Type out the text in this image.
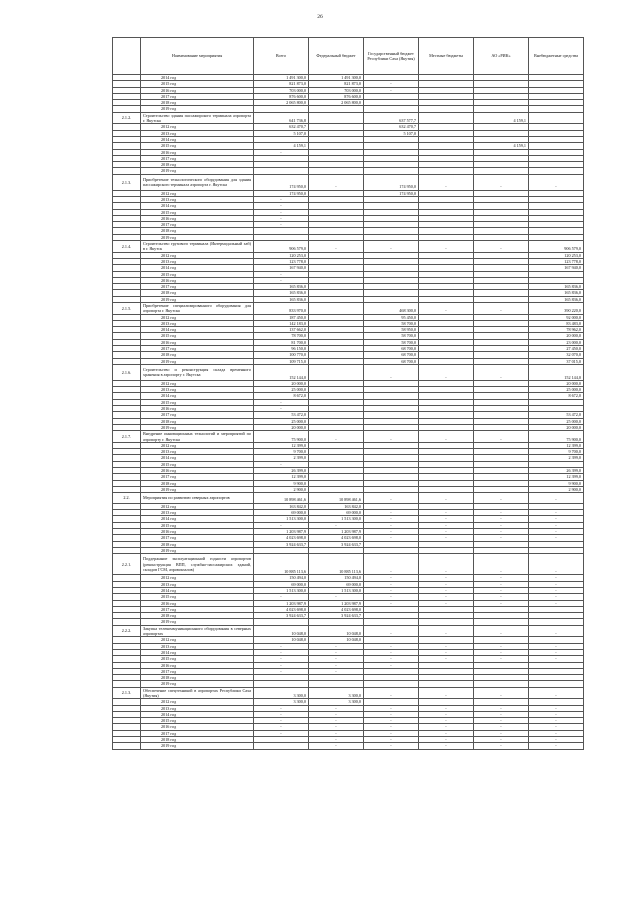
26
	Наименование мероприятия	Всего	Федеральный бюджет	Государственный бюджет Республики Саха (Якутия)	Местные бюджеты	АО «РИК»	Внебюджетные средства
	2014 год	1 491 300,0	1 491 300,0				
	2015 год	821 873,0	821 873,0	-			
	2016 год	703 000,0	703 000,0	-			
	2017 год	876 600,0	876 600,0				
	2018 год	2 065 800,0	2 065 800,0				
	2019 год						
2.1.2.	Строительство здания пассажирского терминала аэропорта г. Якутска	641 736,8		637 577,7		4 159,1	
	2012 год	632 470,7		632 470,7			
	2013 год	5 107,0		5 107,0			
	2014 год						
	2015 год	4 159,1				4 159,1	
	2016 год	-					
	2017 год						
	2018 год						
	2019 год						
2.1.3.	Приобретение технологического оборудования для здания пассажирского терминала аэропорта г. Якутска	174 950,0	-	174 950,0	-	-	-
	2012 год	174 950,0		174 950,0			
	2013 год	-					
	2014 год	-					
	2015 год	-					
	2016 год	-					
	2017 год	-					
	2018 год						
	2019 год						
2.1.4.	Строительство грузового терминала (Интермодальный хаб) в г. Якутск	906 579,0	-	-	-	-	906 579,0
	2012 год	120 253,0					120 253,0
	2013 год	123 778,0					123 778,0
	2014 год	167 940,0					167 940,0
	2015 год	-					
	2016 год	-					
	2017 год	165 836,0					165 836,0
	2018 год	165 836,0					165 836,0
	2019 год	165 836,0					165 836,0
2.1.5.	Приобретение специализированного оборудования для аэропорта г. Якутска	833 970,0		468 300,0	-	-	390 220,0
	2012 год	187 450,0		95 450,0			92 000,0
	2013 год	142 183,0		58 700,0			83 483,0
	2014 год	137 662,0		58 950,0			78 962,0
	2015 год	78 700,0		58 700,0			20 000,0
	2016 год	81 700,0		58 700,0			23 000,0
	2017 год	96 150,0		68 700,0			27 450,0
	2018 год	100 770,0		68 700,0			32 070,0
	2019 год	109 715,0		68 700,0			37 015,0
2.1.6.	Строительство и реконструкция склада временного хранения в аэропорту г. Якутска	152 144,0		-	-	-	152 144,0
	2012 год	20 000,0					20 000,0
	2013 год	25 000,0					25 000,0
	2014 год	8 672,0					8 672,0
	2015 год	-					
	2016 год	-					
	2017 год	53 472,0					53 472,0
	2018 год	25 000,0					25 000,0
	2019 год	20 000,0					20 000,0
2.1.7.	Внедрение инновационных технологий и мероприятий по аэропорту г. Якутска	75 900,0	-	-	-	-	75 900,0
	2012 год	12 399,0					12 399,0
	2013 год	9 700,0					9 700,0
	2014 год	2 399,0					2 399,0
	2015 год	-					
	2016 год	26 399,0					26 399,0
	2017 год	12 399,0					12 399,0
	2018 год	9 900,0					9 900,0
	2019 год	2 900,0					2 900,0
2.2.	Мероприятия по развитию северных аэропортов	10 898 461,6	10 898 461,6	-	-	-	-
	2012 год	163 842,0	163 842,0				
	2013 год	69 000,0	69 000,0	-	-	-	-
	2014 год	1 513 300,0	1 513 300,0	-	-	-	-
	2015 год	-	-	-	-	-	-
	2016 год	1 203 987,9	1 203 987,9	-	-	-	-
	2017 год	4 023 698,0	4 023 698,0	-	-	-	-
	2018 год	3 924 633,7	3 924 633,7				
	2019 год						
2.2.1.	Поддержание эксплуатационной годности аэропортов (реконструкция ВПП, службно-пассажирских зданий, складов ГСМ, аэровокзалов)	10 885 113,6	10 885 113,6	-	-	-	-
	2012 год	150 494,0	150 494,0	-	-	-	-
	2013 год	69 000,0	69 000,0	-	-	-	-
	2014 год	1 513 300,0	1 513 300,0	-	-	-	-
	2015 год	-	-	-	-	-	-
	2016 год	1 203 987,9	1 203 987,9	-	-	-	-
	2017 год	4 023 698,0	4 023 698,0				
	2018 год	3 924 633,7	3 924 633,7				
	2019 год						
2.2.2.	Закупка телекоммуникационного оборудования в северных аэропортах	10 048,0	10 048,0	-	-	-	-
	2012 год	10 048,0	10 048,0				
	2013 год	-	-	-	-	-	-
	2014 год	-	-	-	-	-	-
	2015 год	-	-	-	-	-	-
	2016 год	-	-	-			
	2017 год	-	-				
	2018 год						
	2019 год						
2.1.3.	Обеспечение спецтехникой в аэропортах Республики Саха (Якутия)	3 300,0	3 300,0	-	-	-	-
	2012 год	3 300,0	3 300,0				
	2013 год	-	-	-	-	-	-
	2014 год	-	-	-	-	-	-
	2015 год	-	-	-	-	-	-
	2016 год	-	-	-	-	-	-
	2017 год	-	-	-	-	-	-
	2018 год		-	-	-	-	-
	2019 год		-	-	-	-	-
